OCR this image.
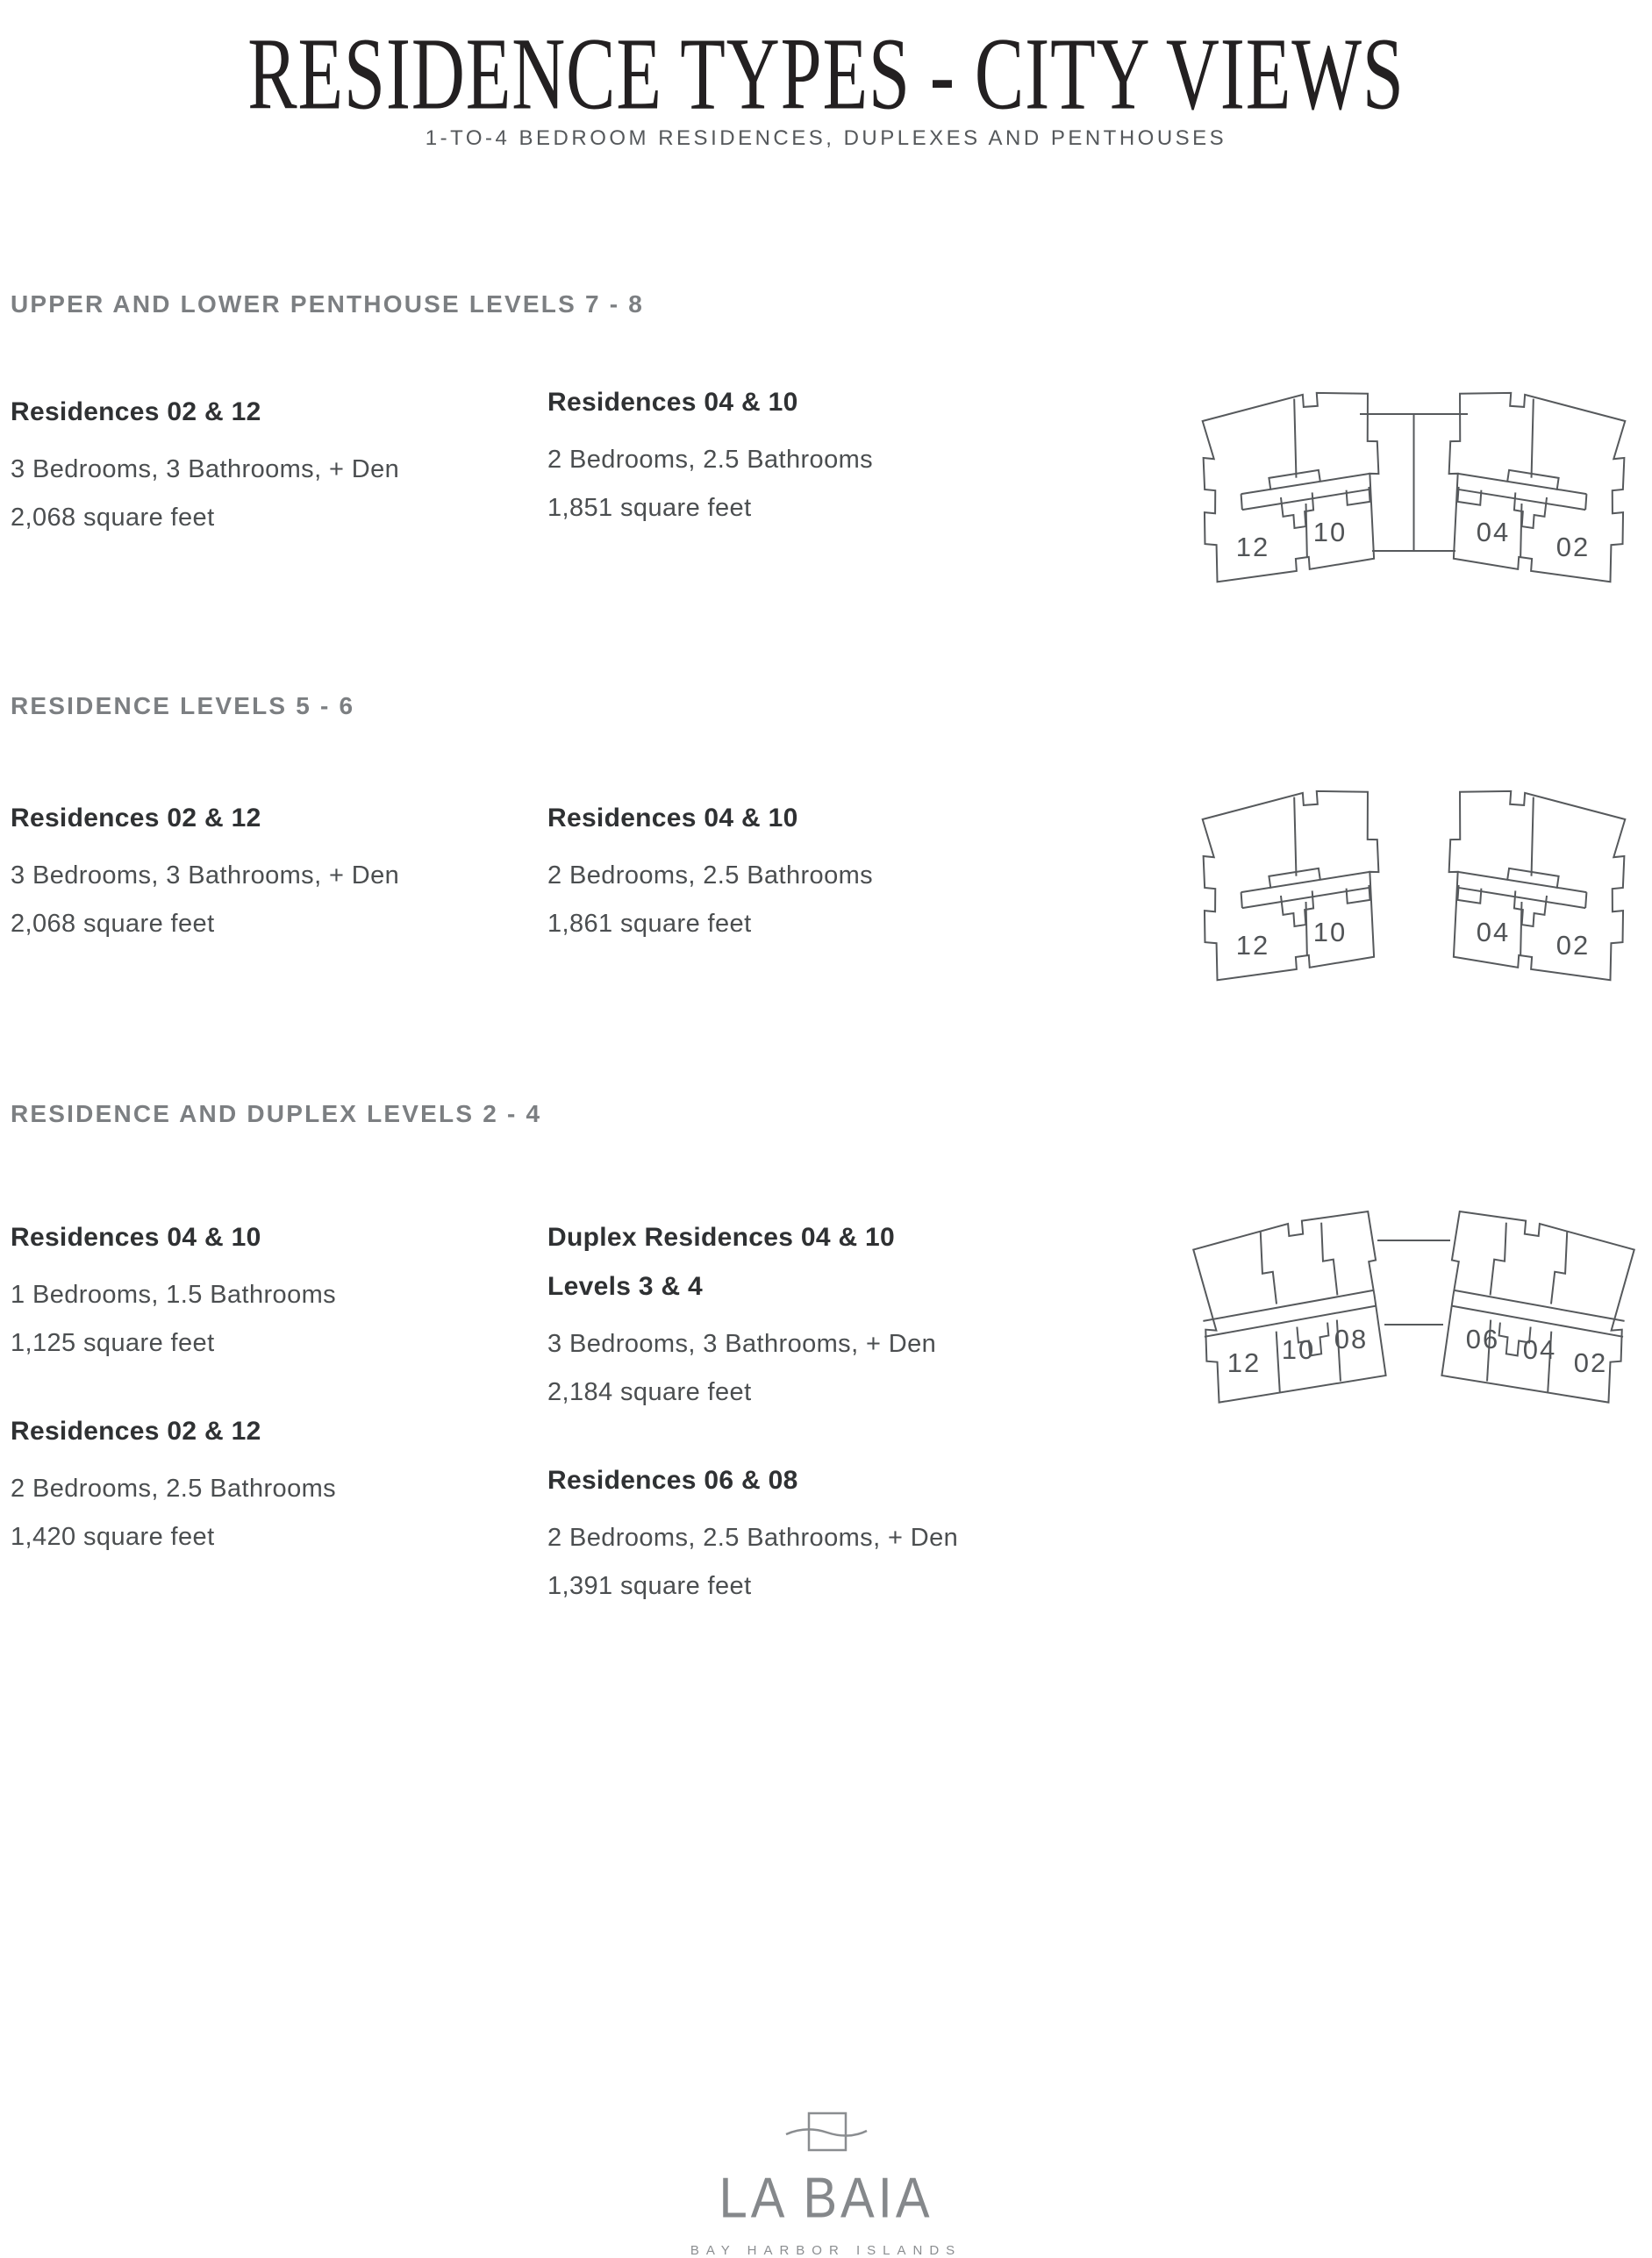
RESIDENCE TYPES - CITY VIEWS
1-TO-4 BEDROOM RESIDENCES, DUPLEXES AND PENTHOUSES
UPPER AND LOWER PENTHOUSE LEVELS 7 - 8
Residences 02 & 12
3 Bedrooms, 3 Bathrooms, + Den
2,068 square feet
Residences 04 & 10
2 Bedrooms, 2.5 Bathrooms
1,851 square feet
12 10	04 02
RESIDENCE LEVELS 5 - 6
Residences 02 & 12
3 Bedrooms, 3 Bathrooms, + Den
2,068 square feet
Residences 04 & 10
2 Bedrooms, 2.5 Bathrooms
1,861 square feet
12 10	04 02
RESIDENCE AND DUPLEX LEVELS 2 - 4
Residences 04 & 10
1 Bedrooms, 1.5 Bathrooms
1,125 square feet
Residences 02 & 12
2 Bedrooms, 2.5 Bathrooms
1,420 square feet
Duplex Residences 04 & 10
Levels 3 & 4
3 Bedrooms, 3 Bathrooms, + Den
2,184 square feet
Residences 06 & 08
2 Bedrooms, 2.5 Bathrooms, + Den
1,391 square feet
12 10 08	06 04 02
LA BAIA
BAY HARBOR ISLANDS
